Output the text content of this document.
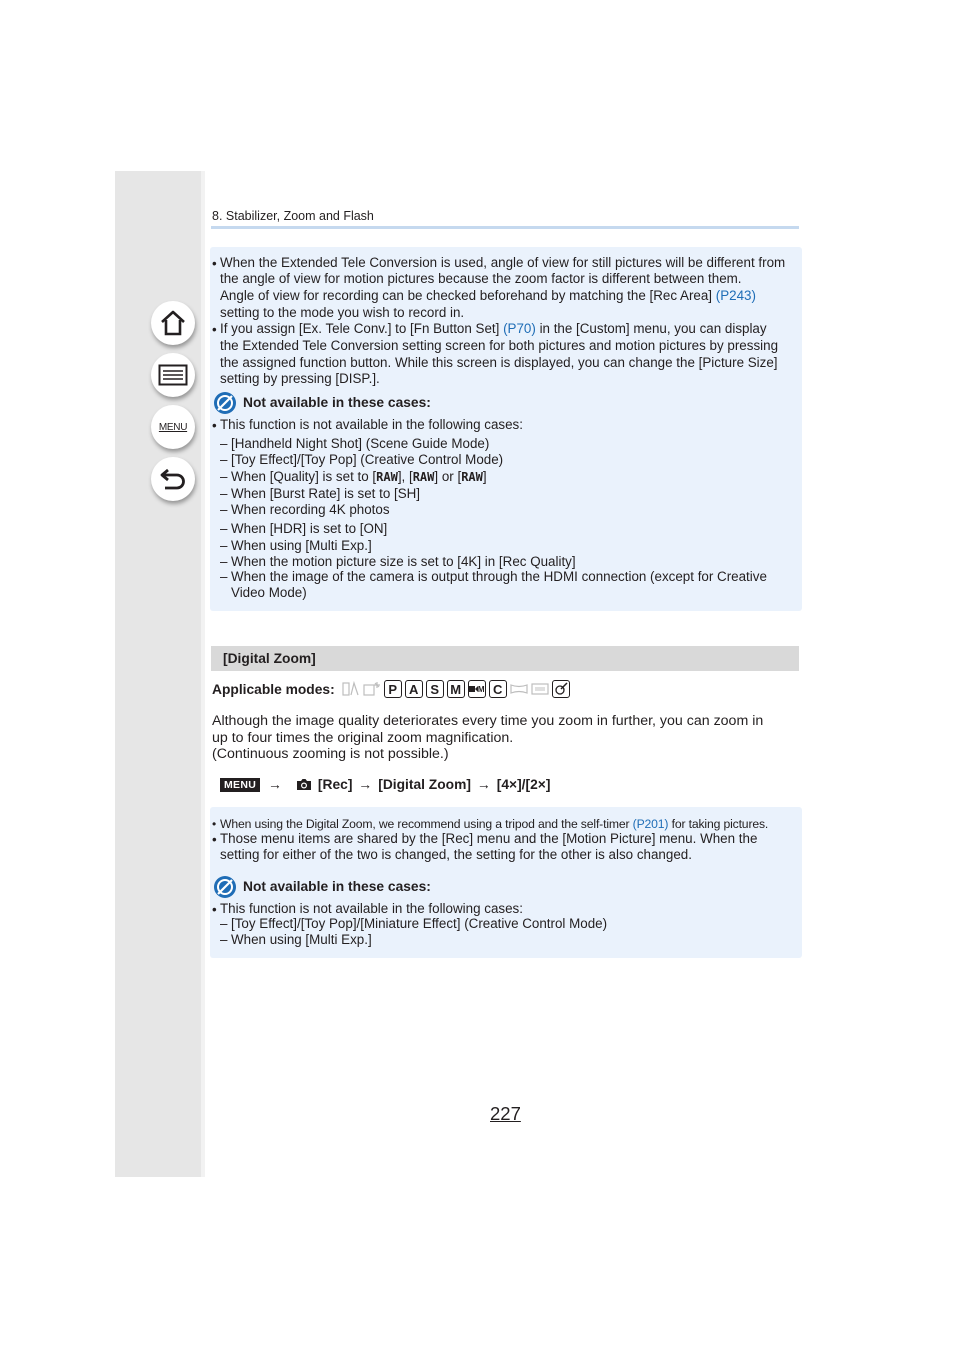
MENU
8. Stabilizer, Zoom and Flash
• When the Extended Tele Conversion is used, angle of view for still pictures will be different from
the angle of view for motion pictures because the zoom factor is different between them.
Angle of view for recording can be checked beforehand by matching the [Rec Area] (P243)
setting to the mode you wish to record in.
• If you assign [Ex. Tele Conv.] to [Fn Button Set] (P70) in the [Custom] menu, you can display
the Extended Tele Conversion setting screen for both pictures and motion pictures by pressing
the assigned function button. While this screen is displayed, you can change the [Picture Size]
setting by pressing [DISP.].
Not available in these cases:
• This function is not available in the following cases:
– [Handheld Night Shot] (Scene Guide Mode)
– [Toy Effect]/[Toy Pop] (Creative Control Mode)
– When [Quality] is set to [RAW], [RAW] or [RAW]
– When [Burst Rate] is set to [SH]
– When recording 4K photos
– When [HDR] is set to [ON]
– When using [Multi Exp.]
– When the motion picture size is set to [4K] in [Rec Quality]
– When the image of the camera is output through the HDMI connection (except for Creative
Video Mode)
[Digital Zoom]
Applicable modes:	P A S M	M C
Although the image quality deteriorates every time you zoom in further, you can zoom in
up to four times the original zoom magnification.
(Continuous zooming is not possible.)
MENU →	[Rec] → [Digital Zoom] → [4×]/[2×]
• When using the Digital Zoom, we recommend using a tripod and the self-timer (P201) for taking pictures.
• Those menu items are shared by the [Rec] menu and the [Motion Picture] menu. When the
setting for either of the two is changed, the setting for the other is also changed.
Not available in these cases:
• This function is not available in the following cases:
– [Toy Effect]/[Toy Pop]/[Miniature Effect] (Creative Control Mode)
– When using [Multi Exp.]
227
